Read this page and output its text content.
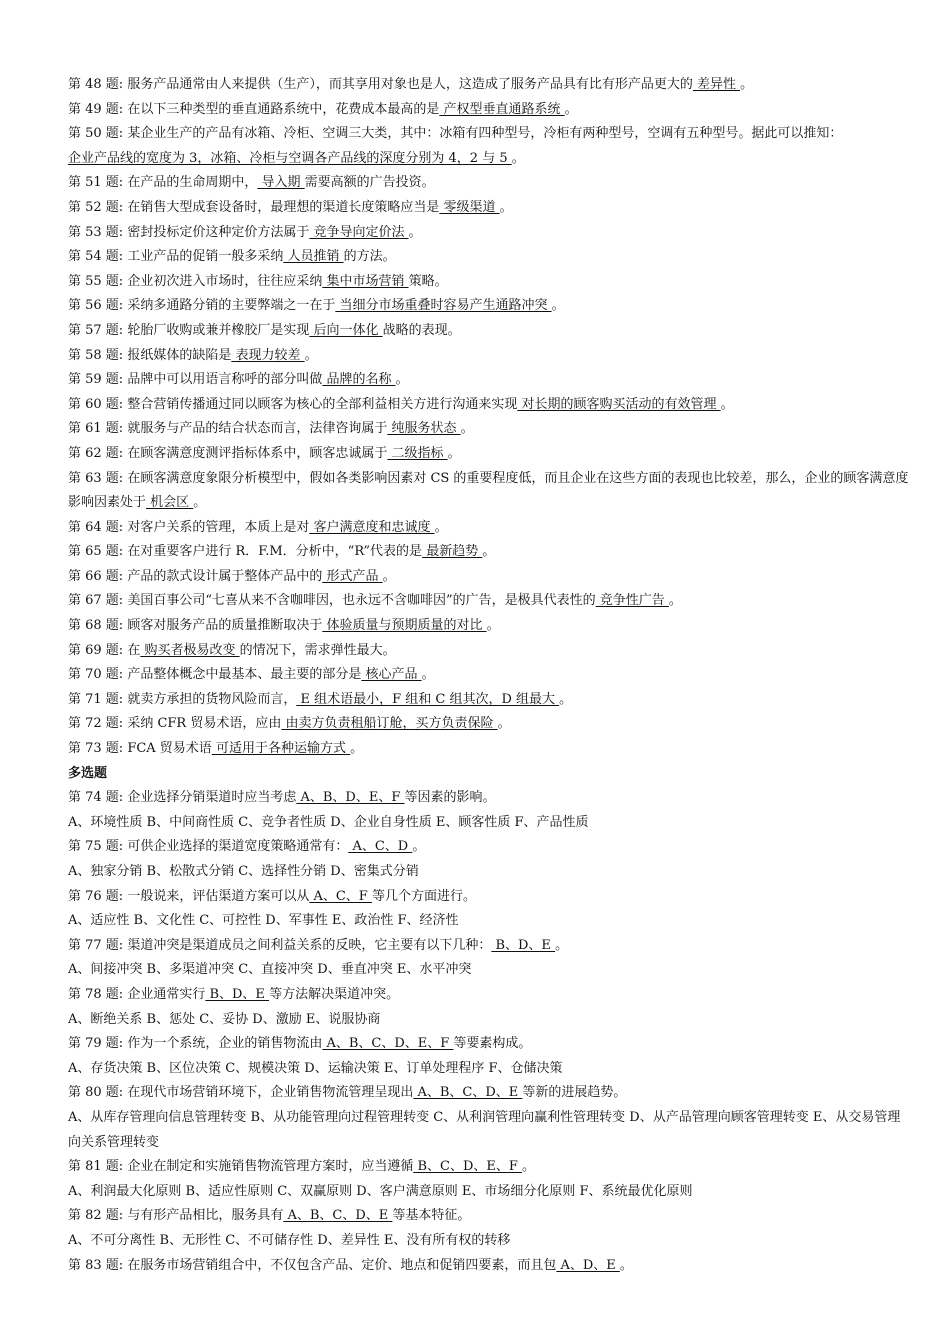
第 48 题: 服务产品通常由人来提供（生产），而其享用对象也是人，这造成了服务产品具有比有形产品更大的 差异性 。
第 49 题: 在以下三种类型的垂直通路系统中，花费成本最高的是 产权型垂直通路系统 。
第 50 题: 某企业生产的产品有冰箱、冷柜、空调三大类，其中：冰箱有四种型号，冷柜有两种型号，空调有五种型号。据此可以推知：
企业产品线的宽度为 3，冰箱、冷柜与空调各产品线的深度分别为 4，2 与 5 。
第 51 题: 在产品的生命周期中， 导入期 需要高额的广告投资。
第 52 题: 在销售大型成套设备时，最理想的渠道长度策略应当是 零级渠道 。
第 53 题: 密封投标定价这种定价方法属于 竞争导向定价法 。
第 54 题: 工业产品的促销一般多采纳 人员推销 的方法。
第 55 题: 企业初次进入市场时，往往应采纳 集中市场营销 策略。
第 56 题: 采纳多通路分销的主要弊端之一在于 当细分市场重叠时容易产生通路冲突 。
第 57 题: 轮胎厂收购或兼并橡胶厂是实现 后向一体化 战略的表现。
第 58 题: 报纸媒体的缺陷是 表现力较差 。
第 59 题: 品牌中可以用语言称呼的部分叫做 品牌的名称 。
第 60 题: 整合营销传播通过同以顾客为核心的全部利益相关方进行沟通来实现 对长期的顾客购买活动的有效管理 。
第 61 题: 就服务与产品的结合状态而言，法律咨询属于 纯服务状态 。
第 62 题: 在顾客满意度测评指标体系中，顾客忠诚属于 二级指标 。
第 63 题: 在顾客满意度象限分析模型中，假如各类影响因素对 CS 的重要程度低，而且企业在这些方面的表现也比较差，那么，企业的顾客满意度影响因素处于 机会区 。
第 64 题: 对客户关系的管理，本质上是对 客户满意度和忠诚度 。
第 65 题: 在对重要客户进行 R．F.M．分析中，“R”代表的是 最新趋势 。
第 66 题: 产品的款式设计属于整体产品中的 形式产品 。
第 67 题: 美国百事公司“七喜从来不含咖啡因，也永远不含咖啡因”的广告，是极具代表性的 竞争性广告 。
第 68 题: 顾客对服务产品的质量推断取决于 体验质量与预期质量的对比 。
第 69 题: 在 购买者极易改变 的情况下，需求弹性最大。
第 70 题: 产品整体概念中最基本、最主要的部分是 核心产品 。
第 71 题: 就卖方承担的货物风险而言， E 组术语最小，F 组和 C 组其次，D 组最大 。
第 72 题: 采纳 CFR 贸易术语，应由 由卖方负责租船订舱，买方负责保险 。
第 73 题: FCA 贸易术语 可适用于各种运输方式 。
多选题
第 74 题: 企业选择分销渠道时应当考虑 A、B、D、E、F 等因素的影响。
A、环境性质 B、中间商性质 C、竞争者性质 D、企业自身性质 E、顾客性质 F、产品性质
第 75 题: 可供企业选择的渠道宽度策略通常有： A、C、D 。
A、独家分销 B、松散式分销 C、选择性分销 D、密集式分销
第 76 题: 一般说来，评估渠道方案可以从 A、C、F 等几个方面进行。
A、适应性 B、文化性 C、可控性 D、军事性 E、政治性 F、经济性
第 77 题: 渠道冲突是渠道成员之间利益关系的反映，它主要有以下几种： B、D、E 。
A、间接冲突 B、多渠道冲突 C、直接冲突 D、垂直冲突 E、水平冲突
第 78 题: 企业通常实行 B、D、E 等方法解决渠道冲突。
A、断绝关系 B、惩处 C、妥协 D、激励 E、说服协商
第 79 题: 作为一个系统，企业的销售物流由 A、B、C、D、E、F 等要素构成。
A、存货决策 B、区位决策 C、规模决策 D、运输决策 E、订单处理程序 F、仓储决策
第 80 题: 在现代市场营销环境下，企业销售物流管理呈现出 A、B、C、D、E 等新的进展趋势。
A、从库存管理向信息管理转变 B、从功能管理向过程管理转变 C、从利润管理向赢利性管理转变 D、从产品管理向顾客管理转变 E、从交易管理向关系管理转变
第 81 题: 企业在制定和实施销售物流管理方案时，应当遵循 B、C、D、E、F 。
A、利润最大化原则 B、适应性原则 C、双赢原则 D、客户满意原则 E、市场细分化原则 F、系统最优化原则
第 82 题: 与有形产品相比，服务具有 A、B、C、D、E 等基本特征。
A、不可分离性 B、无形性 C、不可储存性 D、差异性 E、没有所有权的转移
第 83 题: 在服务市场营销组合中，不仅包含产品、定价、地点和促销四要素，而且包 A、D、E 。
